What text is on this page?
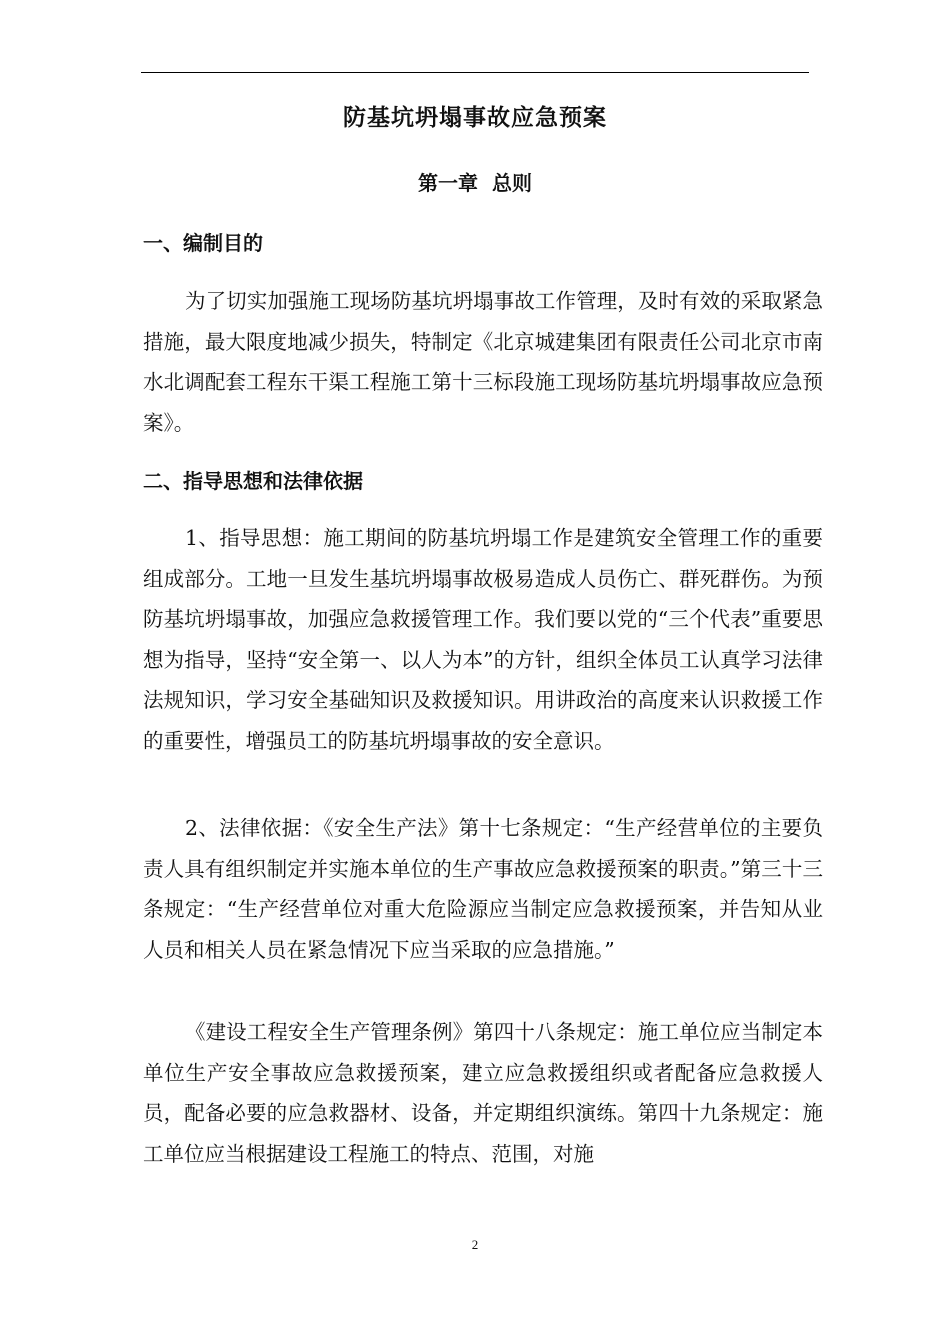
防基坑坍塌事故应急预案
第一章  总则
一、编制目的

为了切实加强施工现场防基坑坍塌事故工作管理，及时有效的采取紧急措施，最大限度地减少损失，特制定《北京城建集团有限责任公司北京市南水北调配套工程东干渠工程施工第十三标段施工现场防基坑坍塌事故应急预案》。

二、指导思想和法律依据

1、指导思想：施工期间的防基坑坍塌工作是建筑安全管理工作的重要组成部分。工地一旦发生基坑坍塌事故极易造成人员伤亡、群死群伤。为预防基坑坍塌事故，加强应急救援管理工作。我们要以党的“三个代表”重要思想为指导，坚持“安全第一、以人为本”的方针，组织全体员工认真学习法律法规知识，学习安全基础知识及救援知识。用讲政治的高度来认识救援工作的重要性，增强员工的防基坑坍塌事故的安全意识。

2、法律依据：《安全生产法》第十七条规定：“生产经营单位的主要负责人具有组织制定并实施本单位的生产事故应急救援预案的职责。”第三十三条规定：“生产经营单位对重大危险源应当制定应急救援预案，并告知从业人员和相关人员在紧急情况下应当采取的应急措施。”

《建设工程安全生产管理条例》第四十八条规定：施工单位应当制定本单位生产安全事故应急救援预案，建立应急救援组织或者配备应急救援人员，配备必要的应急救器材、设备，并定期组织演练。第四十九条规定：施工单位应当根据建设工程施工的特点、范围，对施

2
